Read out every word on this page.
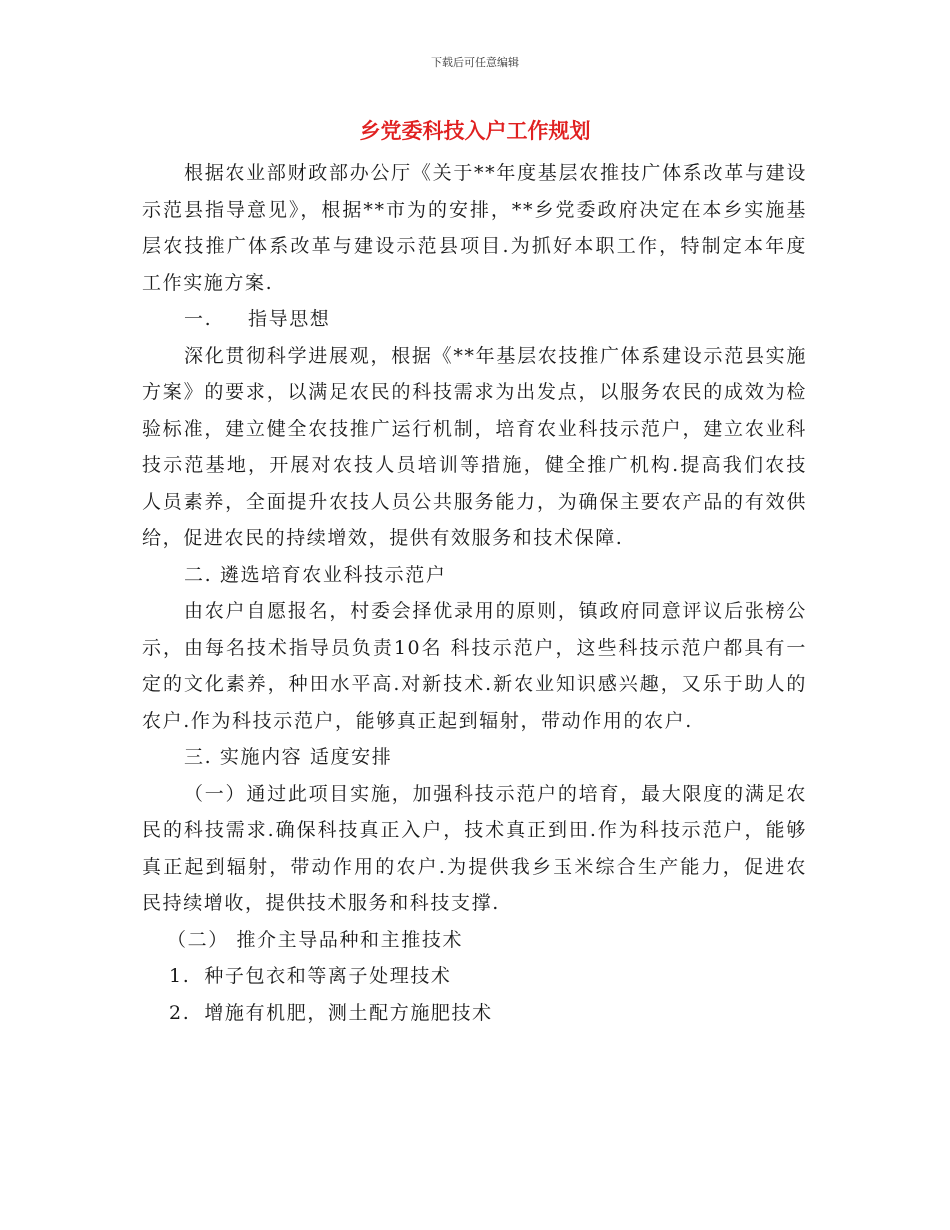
下载后可任意编辑
乡党委科技入户工作规划

根据农业部财政部办公厅《关于**年度基层农推技广体系改革与建设示范县指导意见》，根据**市为的安排，**乡党委政府决定在本乡实施基层农技推广体系改革与建设示范县项目.为抓好本职工作，特制定本年度工作实施方案.

一. 指导思想

深化贯彻科学进展观，根据《**年基层农技推广体系建设示范县实施方案》的要求，以满足农民的科技需求为出发点，以服务农民的成效为检验标准，建立健全农技推广运行机制，培育农业科技示范户，建立农业科技示范基地，开展对农技人员培训等措施，健全推广机构.提高我们农技人员素养，全面提升农技人员公共服务能力，为确保主要农产品的有效供给，促进农民的持续增效，提供有效服务和技术保障.

二. 遴选培育农业科技示范户

由农户自愿报名，村委会择优录用的原则，镇政府同意评议后张榜公示，由每名技术指导员负责10名 科技示范户，这些科技示范户都具有一定的文化素养，种田水平高.对新技术.新农业知识感兴趣，又乐于助人的农户.作为科技示范户，能够真正起到辐射，带动作用的农户.

三. 实施内容 适度安排

（一）通过此项目实施，加强科技示范户的培育，最大限度的满足农民的科技需求.确保科技真正入户，技术真正到田.作为科技示范户，能够真正起到辐射，带动作用的农户.为提供我乡玉米综合生产能力，促进农民持续增收，提供技术服务和科技支撑.

（二） 推介主导品种和主推技术

1. 种子包衣和等离子处理技术

2. 增施有机肥，测土配方施肥技术
